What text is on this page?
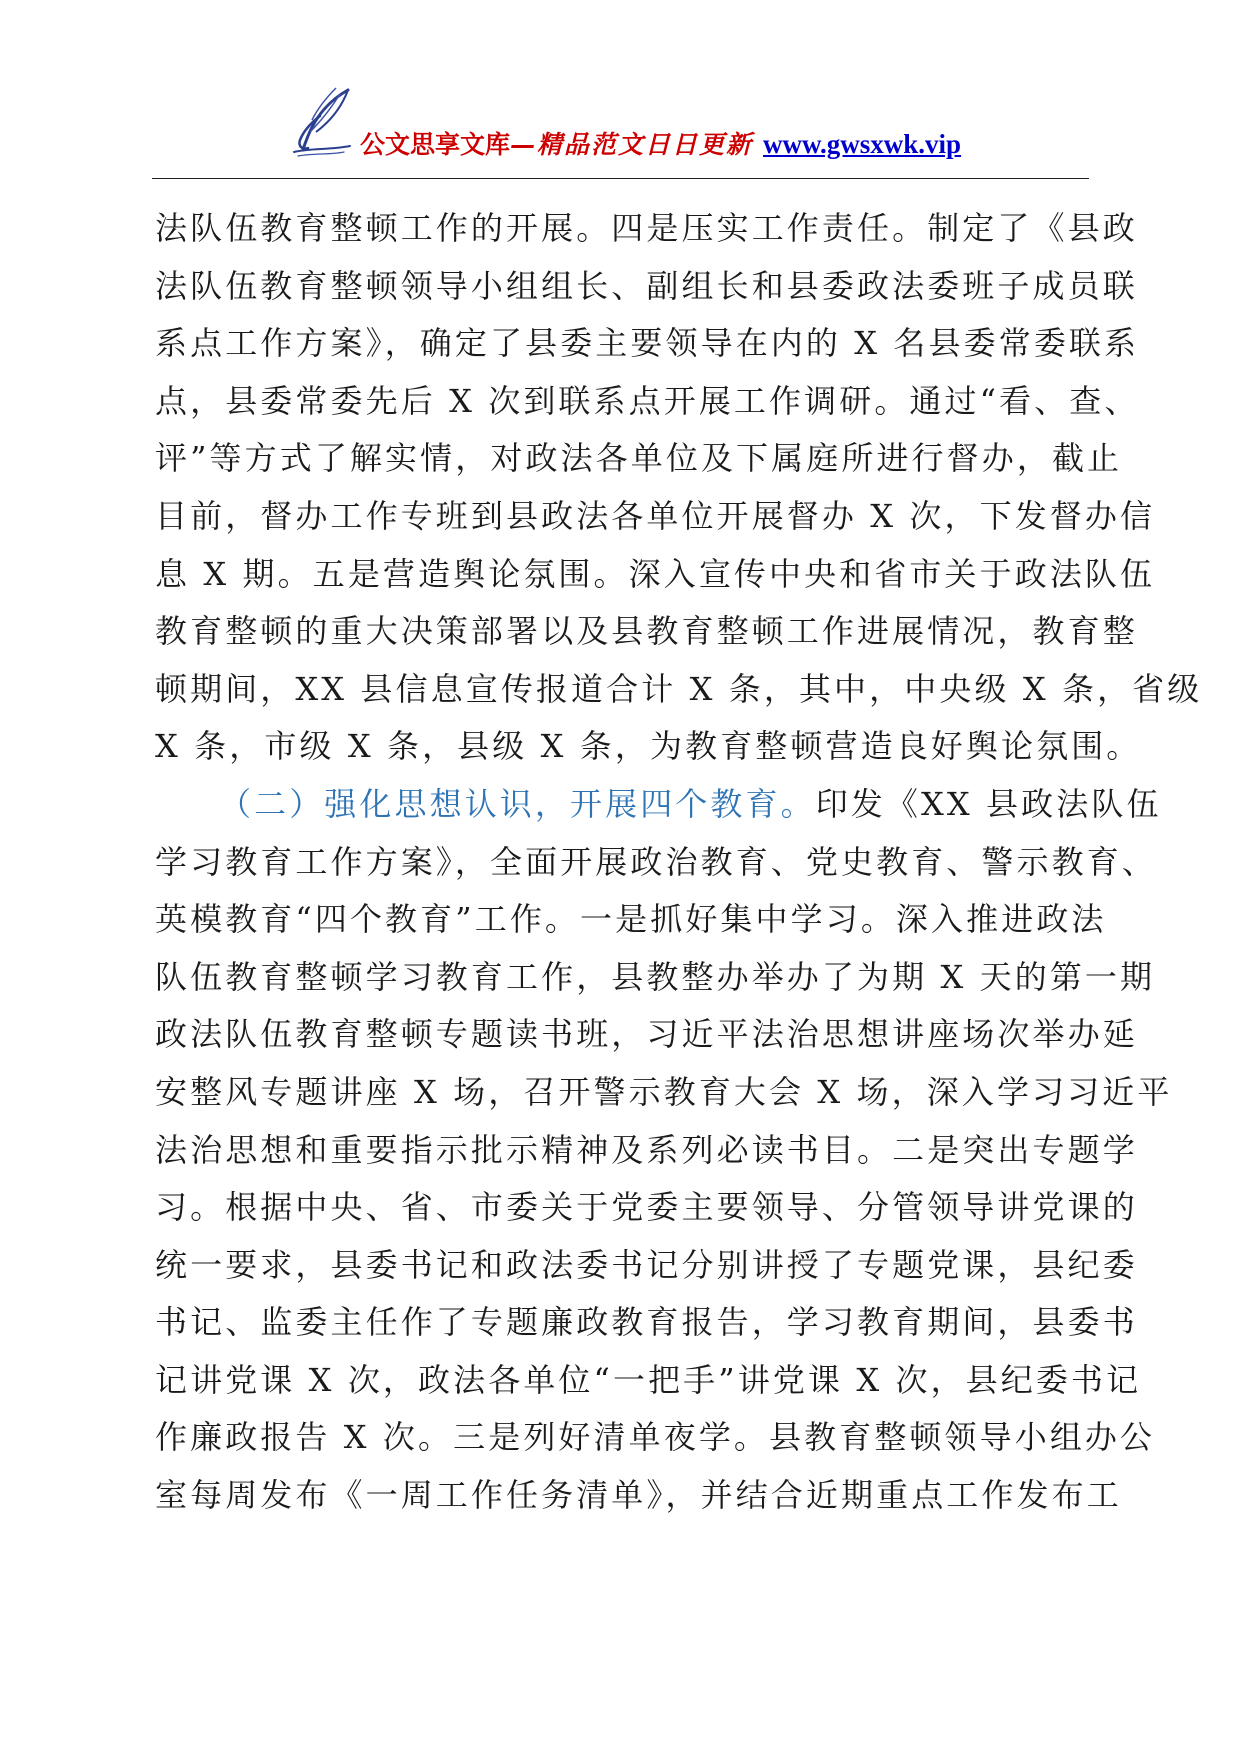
公文思享文库—精品范文日日更新 www.gwsxwk.vip
法队伍教育整顿工作的开展。四是压实工作责任。制定了《县政
法队伍教育整顿领导小组组长、副组长和县委政法委班子成员联
系点工作方案》，确定了县委主要领导在内的 X 名县委常委联系
点，县委常委先后 X 次到联系点开展工作调研。通过“看、查、
评”等方式了解实情，对政法各单位及下属庭所进行督办，截止
目前，督办工作专班到县政法各单位开展督办 X 次，下发督办信
息 X 期。五是营造舆论氛围。深入宣传中央和省市关于政法队伍
教育整顿的重大决策部署以及县教育整顿工作进展情况，教育整
顿期间，XX 县信息宣传报道合计 X 条，其中，中央级 X 条，省级
X 条，市级 X 条，县级 X 条，为教育整顿营造良好舆论氛围。
（二）强化思想认识，开展四个教育。印发《XX 县政法队伍
学习教育工作方案》，全面开展政治教育、党史教育、警示教育、
英模教育“四个教育”工作。一是抓好集中学习。深入推进政法
队伍教育整顿学习教育工作，县教整办举办了为期 X 天的第一期
政法队伍教育整顿专题读书班，习近平法治思想讲座场次举办延
安整风专题讲座 X 场，召开警示教育大会 X 场，深入学习习近平
法治思想和重要指示批示精神及系列必读书目。二是突出专题学
习。根据中央、省、市委关于党委主要领导、分管领导讲党课的
统一要求，县委书记和政法委书记分别讲授了专题党课，县纪委
书记、监委主任作了专题廉政教育报告，学习教育期间，县委书
记讲党课 X 次，政法各单位“一把手”讲党课 X 次，县纪委书记
作廉政报告 X 次。三是列好清单夜学。县教育整顿领导小组办公
室每周发布《一周工作任务清单》，并结合近期重点工作发布工
